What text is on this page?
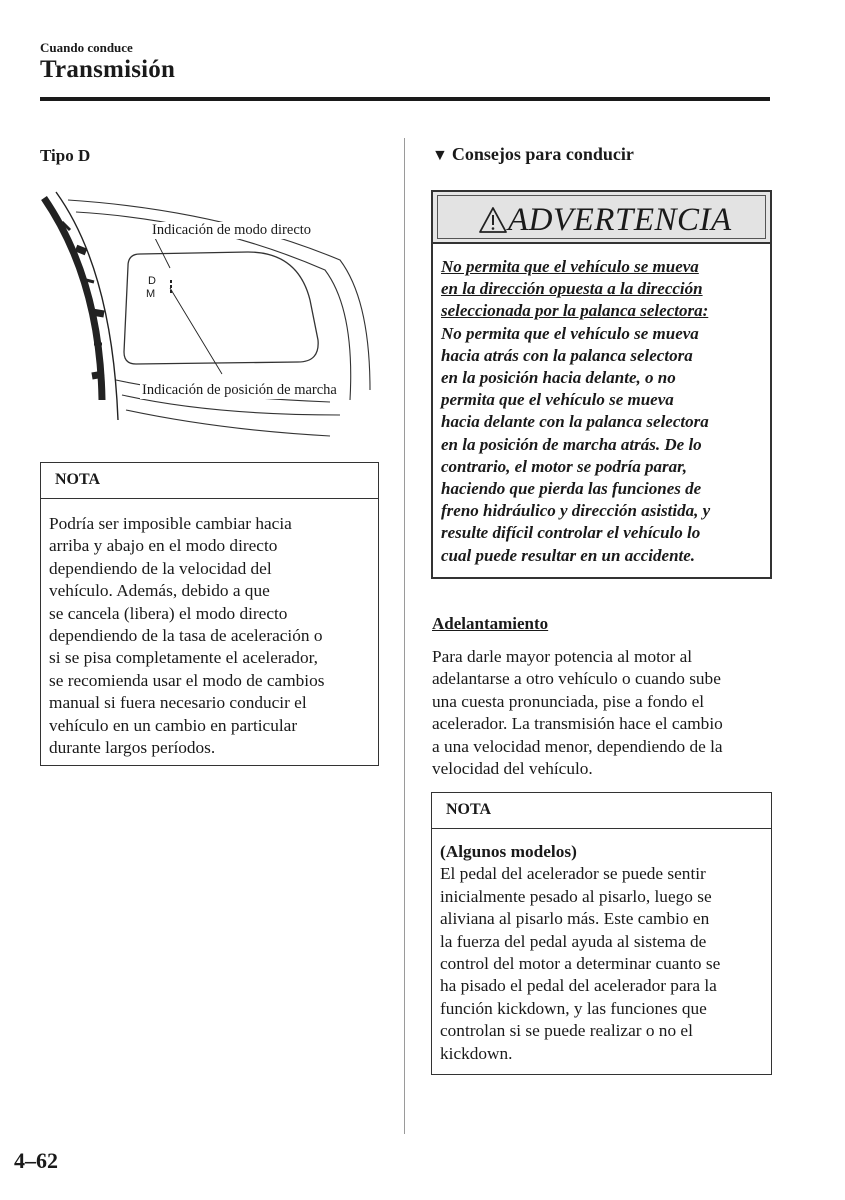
Cuando conduce
Transmisión
Tipo D
Indicación de modo directo
Indicación de posición de marcha
D
M
NOTA
Podría ser imposible cambiar hacia
arriba y abajo en el modo directo
dependiendo de la velocidad del
vehículo. Además, debido a que
se cancela (libera) el modo directo
dependiendo de la tasa de aceleración o
si se pisa completamente el acelerador,
se recomienda usar el modo de cambios
manual si fuera necesario conducir el
vehículo en un cambio en particular
durante largos períodos.
▼ Consejos para conducir
ADVERTENCIA
No permita que el vehículo se mueva
en la dirección opuesta a la dirección
seleccionada por la palanca selectora:
No permita que el vehículo se mueva
hacia atrás con la palanca selectora
en la posición hacia delante, o no
permita que el vehículo se mueva
hacia delante con la palanca selectora
en la posición de marcha atrás. De lo
contrario, el motor se podría parar,
haciendo que pierda las funciones de
freno hidráulico y dirección asistida, y
resulte difícil controlar el vehículo lo
cual puede resultar en un accidente.
Adelantamiento
Para darle mayor potencia al motor al
adelantarse a otro vehículo o cuando sube
una cuesta pronunciada, pise a fondo el
acelerador. La transmisión hace el cambio
a una velocidad menor, dependiendo de la
velocidad del vehículo.
NOTA
(Algunos modelos)
El pedal del acelerador se puede sentir
inicialmente pesado al pisarlo, luego se
aliviana al pisarlo más. Este cambio en
la fuerza del pedal ayuda al sistema de
control del motor a determinar cuanto se
ha pisado el pedal del acelerador para la
función kickdown, y las funciones que
controlan si se puede realizar o no el
kickdown.
4–62
